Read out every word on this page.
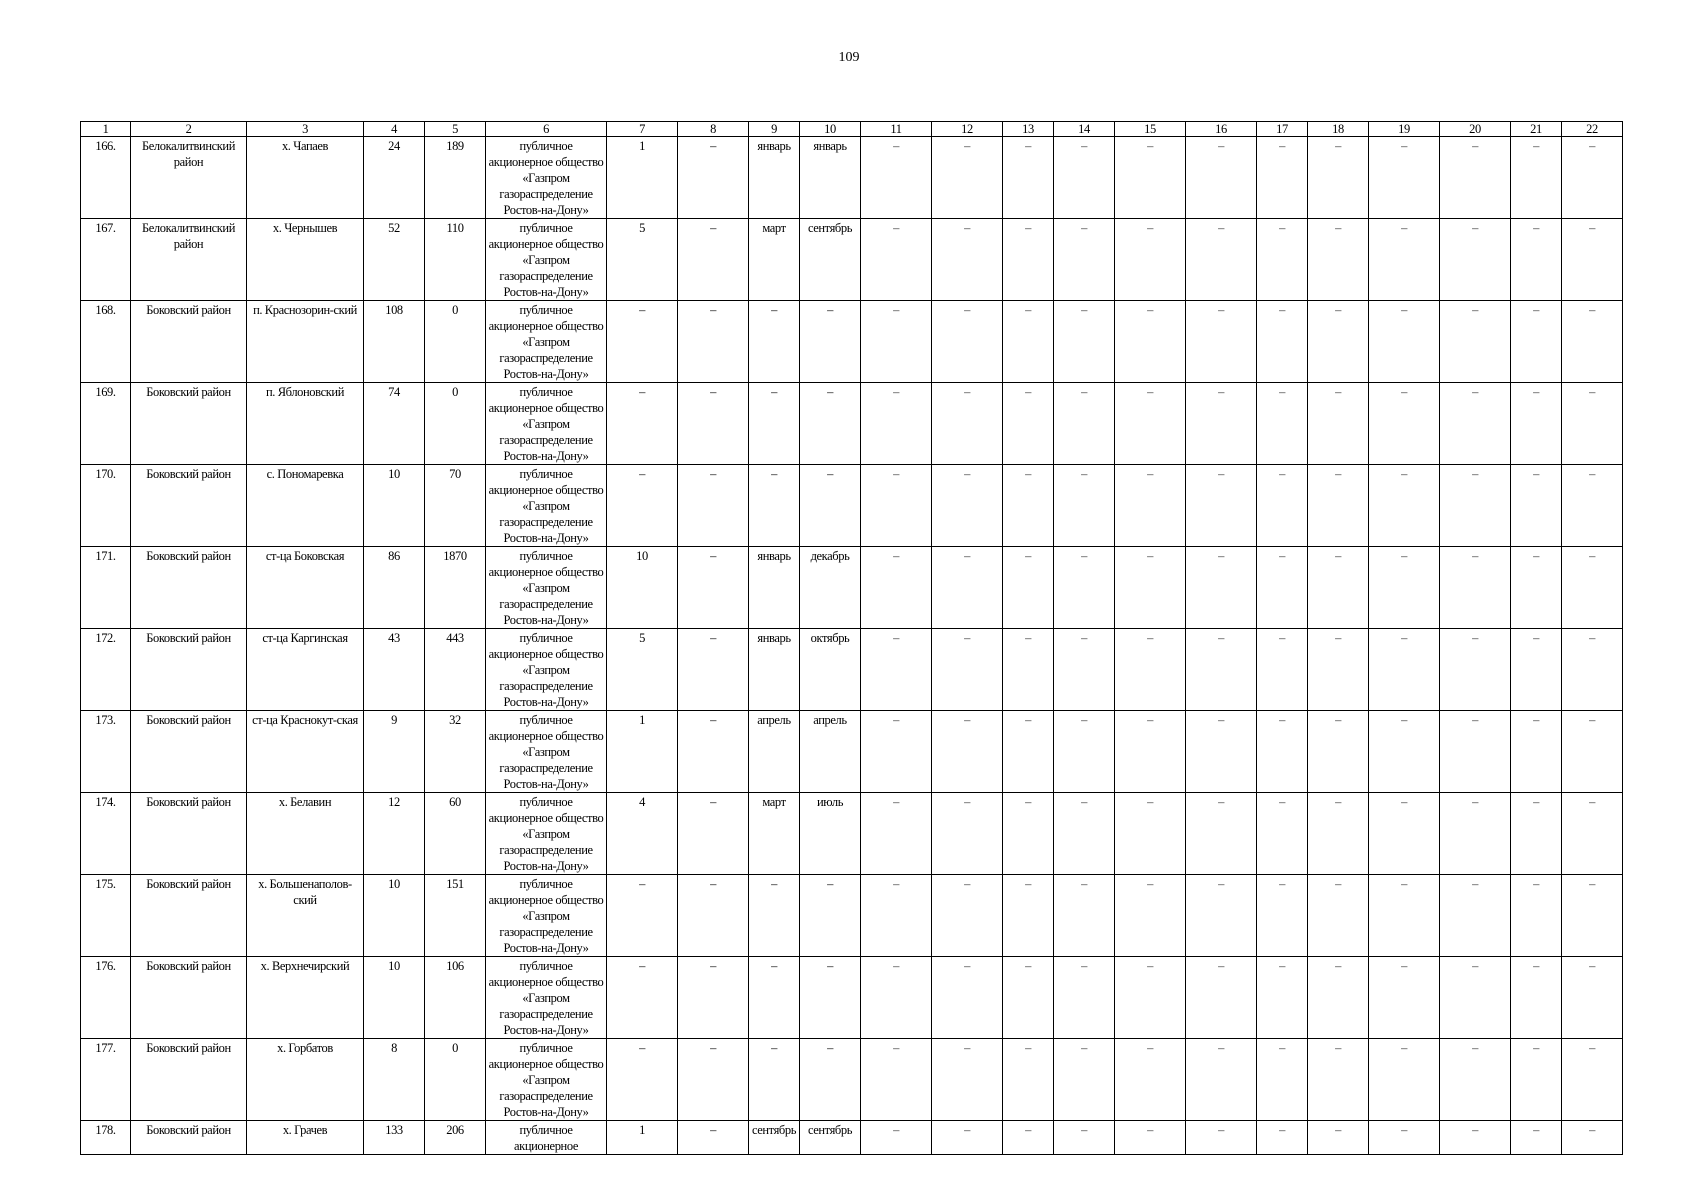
109
1	2	3	4	5	6	7	8	9	10	11	12	13	14	15	16	17	18	19	20	21	22
166.	Белокалитвинский район	х. Чапаев	24	189	публичное акционерное общество «Газпром газораспределение Ростов-на-Дону»	1	–	январь	январь	–	–	–	–	–	–	–	–	–	–	–	–
167.	Белокалитвинский район	х. Чернышев	52	110	публичное акционерное общество «Газпром газораспределение Ростов-на-Дону»	5	–	март	сентябрь	–	–	–	–	–	–	–	–	–	–	–	–
168.	Боковский район	п. Краснозорин-ский	108	0	публичное акционерное общество «Газпром газораспределение Ростов-на-Дону»	–	–	–	–	–	–	–	–	–	–	–	–	–	–	–	–
169.	Боковский район	п. Яблоновский	74	0	публичное акционерное общество «Газпром газораспределение Ростов-на-Дону»	–	–	–	–	–	–	–	–	–	–	–	–	–	–	–	–
170.	Боковский район	с. Пономаревка	10	70	публичное акционерное общество «Газпром газораспределение Ростов-на-Дону»	–	–	–	–	–	–	–	–	–	–	–	–	–	–	–	–
171.	Боковский район	ст-ца Боковская	86	1870	публичное акционерное общество «Газпром газораспределение Ростов-на-Дону»	10	–	январь	декабрь	–	–	–	–	–	–	–	–	–	–	–	–
172.	Боковский район	ст-ца Каргинская	43	443	публичное акционерное общество «Газпром газораспределение Ростов-на-Дону»	5	–	январь	октябрь	–	–	–	–	–	–	–	–	–	–	–	–
173.	Боковский район	ст-ца Краснокут-ская	9	32	публичное акционерное общество «Газпром газораспределение Ростов-на-Дону»	1	–	апрель	апрель	–	–	–	–	–	–	–	–	–	–	–	–
174.	Боковский район	х. Белавин	12	60	публичное акционерное общество «Газпром газораспределение Ростов-на-Дону»	4	–	март	июль	–	–	–	–	–	–	–	–	–	–	–	–
175.	Боковский район	х. Большенаполов-ский	10	151	публичное акционерное общество «Газпром газораспределение Ростов-на-Дону»	–	–	–	–	–	–	–	–	–	–	–	–	–	–	–	–
176.	Боковский район	х. Верхнечирский	10	106	публичное акционерное общество «Газпром газораспределение Ростов-на-Дону»	–	–	–	–	–	–	–	–	–	–	–	–	–	–	–	–
177.	Боковский район	х. Горбатов	8	0	публичное акционерное общество «Газпром газораспределение Ростов-на-Дону»	–	–	–	–	–	–	–	–	–	–	–	–	–	–	–	–
178.	Боковский район	х. Грачев	133	206	публичное акционерное	1	–	сентябрь	сентябрь	–	–	–	–	–	–	–	–	–	–	–	–
